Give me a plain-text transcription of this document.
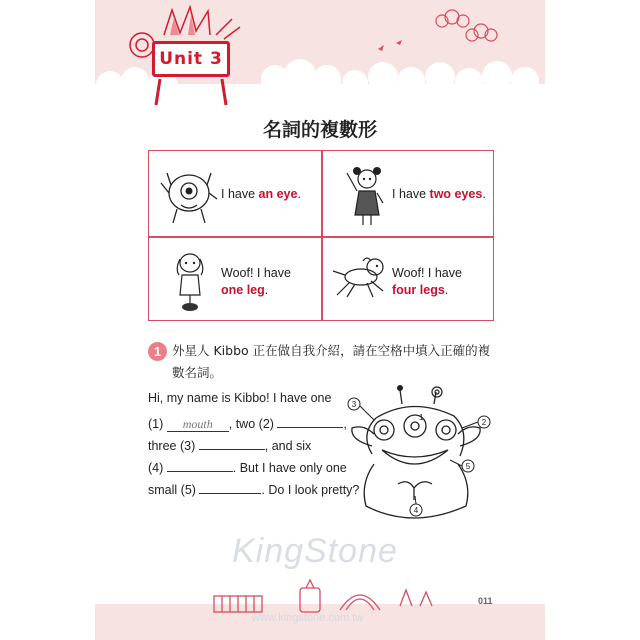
Unit 3
名詞的複數形
I have an eye.	I have two eyes.
Woof! I have
one leg.
Woof! I have
four legs.
1 外星人 Kibbo 正在做自我介紹，請在空格中填入正確的複數名詞。
Hi, my name is Kibbo! I have one
(1) mouth , two (2)	,
three (3)	, and six
(4)	. But I have only one
small (5)	. Do I look pretty?
3
2
5
4
1
KingStone
www.kingstone.com.tw
011
